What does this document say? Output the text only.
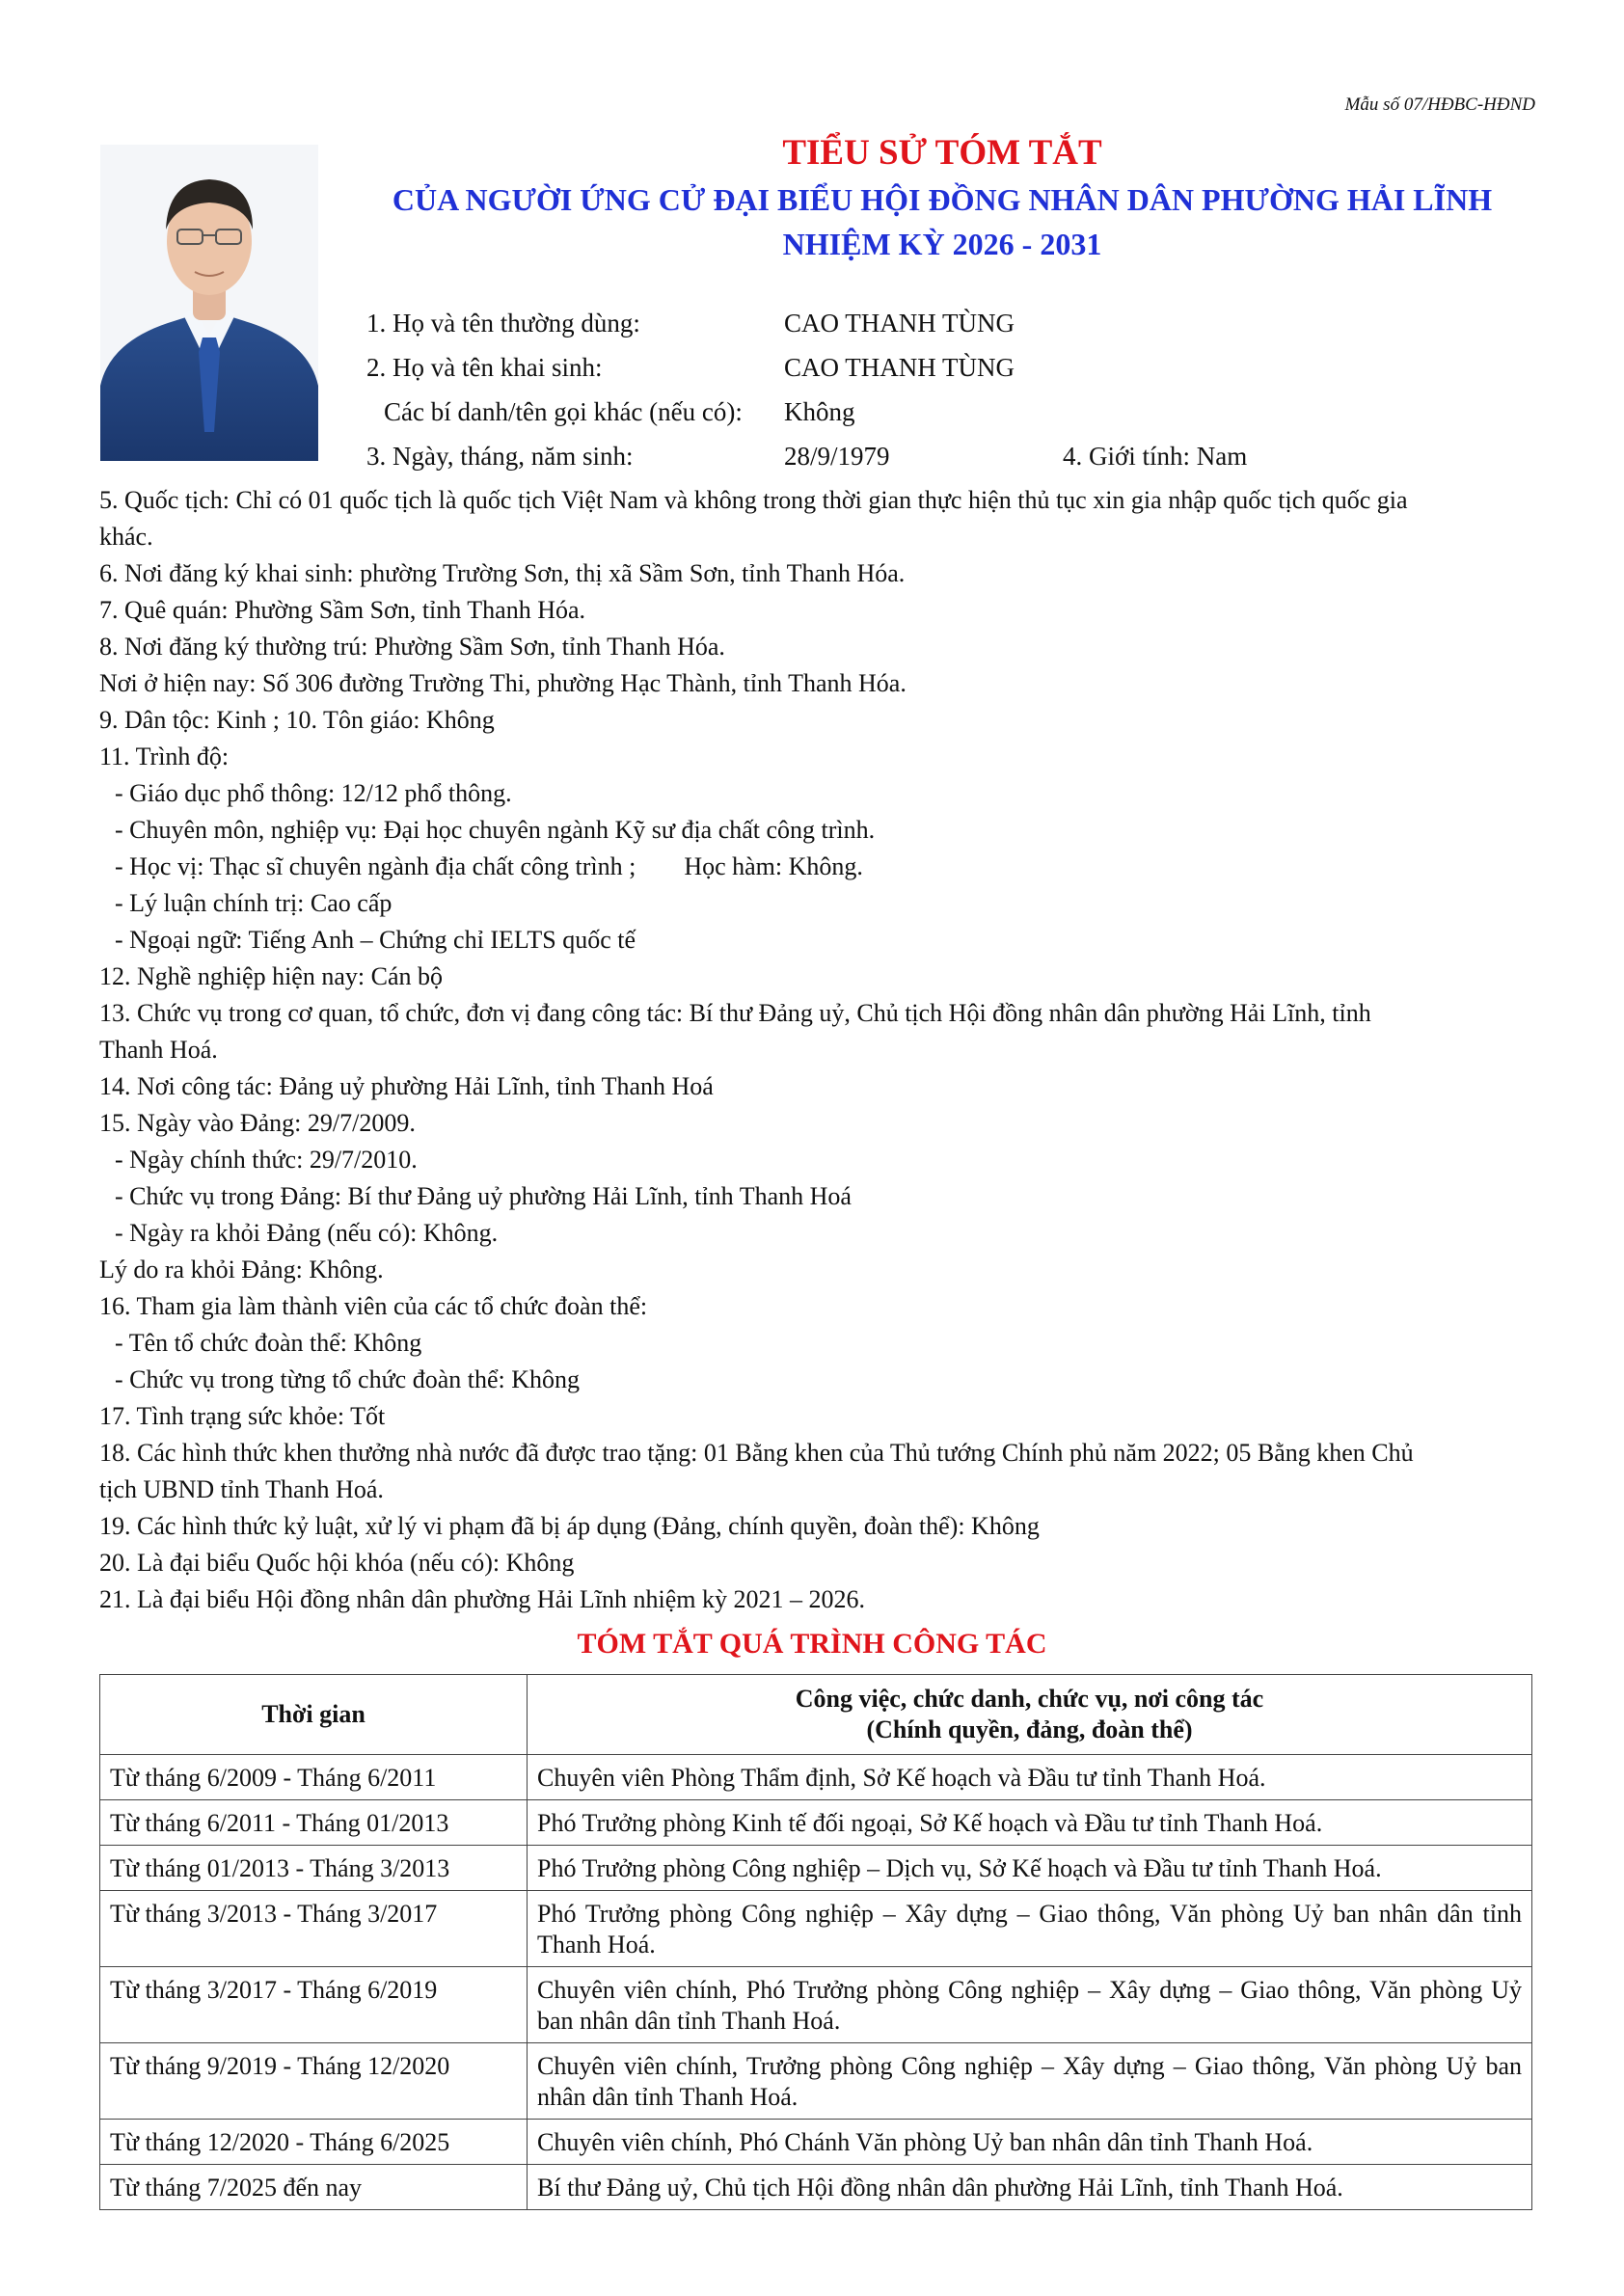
Mẫu số 07/HĐBC-HĐND
TIỂU SỬ TÓM TẮT
CỦA NGƯỜI ỨNG CỬ ĐẠI BIỂU HỘI ĐỒNG NHÂN DÂN PHƯỜNG HẢI LĨNH
NHIỆM KỲ 2026 - 2031
1. Họ và tên thường dùng:	CAO THANH TÙNG
2. Họ và tên khai sinh:	CAO THANH TÙNG
Các bí danh/tên gọi khác (nếu có): Không
3. Ngày, tháng, năm sinh:	28/9/1979	4. Giới tính: Nam
5. Quốc tịch: Chỉ có 01 quốc tịch là quốc tịch Việt Nam và không trong thời gian thực hiện thủ tục xin gia nhập quốc tịch quốc gia
khác.
6. Nơi đăng ký khai sinh: phường Trường Sơn, thị xã Sầm Sơn, tỉnh Thanh Hóa.
7. Quê quán: Phường Sầm Sơn, tỉnh Thanh Hóa.
8. Nơi đăng ký thường trú: Phường Sầm Sơn, tỉnh Thanh Hóa.
Nơi ở hiện nay: Số 306 đường Trường Thi, phường Hạc Thành, tỉnh Thanh Hóa.
9. Dân tộc: Kinh ; 10. Tôn giáo: Không
11. Trình độ:
- Giáo dục phổ thông: 12/12 phổ thông.
- Chuyên môn, nghiệp vụ: Đại học chuyên ngành Kỹ sư địa chất công trình.
- Học vị: Thạc sĩ chuyên ngành địa chất công trình ; Học hàm: Không.
- Lý luận chính trị: Cao cấp
- Ngoại ngữ: Tiếng Anh – Chứng chỉ IELTS quốc tế
12. Nghề nghiệp hiện nay: Cán bộ
13. Chức vụ trong cơ quan, tổ chức, đơn vị đang công tác: Bí thư Đảng uỷ, Chủ tịch Hội đồng nhân dân phường Hải Lĩnh, tỉnh
Thanh Hoá.
14. Nơi công tác: Đảng uỷ phường Hải Lĩnh, tỉnh Thanh Hoá
15. Ngày vào Đảng: 29/7/2009.
- Ngày chính thức: 29/7/2010.
- Chức vụ trong Đảng: Bí thư Đảng uỷ phường Hải Lĩnh, tỉnh Thanh Hoá
- Ngày ra khỏi Đảng (nếu có): Không.
Lý do ra khỏi Đảng: Không.
16. Tham gia làm thành viên của các tổ chức đoàn thể:
- Tên tổ chức đoàn thể: Không
- Chức vụ trong từng tổ chức đoàn thể: Không
17. Tình trạng sức khỏe: Tốt
18. Các hình thức khen thưởng nhà nước đã được trao tặng: 01 Bằng khen của Thủ tướng Chính phủ năm 2022; 05 Bằng khen Chủ
tịch UBND tỉnh Thanh Hoá.
19. Các hình thức kỷ luật, xử lý vi phạm đã bị áp dụng (Đảng, chính quyền, đoàn thể): Không
20. Là đại biểu Quốc hội khóa (nếu có): Không
21. Là đại biểu Hội đồng nhân dân phường Hải Lĩnh nhiệm kỳ 2021 – 2026.
TÓM TẮT QUÁ TRÌNH CÔNG TÁC
Thời gian	Công việc, chức danh, chức vụ, nơi công tác
(Chính quyền, đảng, đoàn thể)

Từ tháng 6/2009 - Tháng 6/2011	Chuyên viên Phòng Thẩm định, Sở Kế hoạch và Đầu tư tỉnh Thanh Hoá.
Từ tháng 6/2011 - Tháng 01/2013	Phó Trưởng phòng Kinh tế đối ngoại, Sở Kế hoạch và Đầu tư tỉnh Thanh Hoá.
Từ tháng 01/2013 - Tháng 3/2013	Phó Trưởng phòng Công nghiệp – Dịch vụ, Sở Kế hoạch và Đầu tư tỉnh Thanh Hoá.
Từ tháng 3/2013 - Tháng 3/2017	Phó Trưởng phòng Công nghiệp – Xây dựng – Giao thông, Văn phòng Uỷ ban nhân dân tỉnh Thanh Hoá.
Từ tháng 3/2017 - Tháng 6/2019	Chuyên viên chính, Phó Trưởng phòng Công nghiệp – Xây dựng – Giao thông, Văn phòng Uỷ ban nhân dân tỉnh Thanh Hoá.
Từ tháng 9/2019 - Tháng 12/2020	Chuyên viên chính, Trưởng phòng Công nghiệp – Xây dựng – Giao thông, Văn phòng Uỷ ban nhân dân tỉnh Thanh Hoá.
Từ tháng 12/2020 - Tháng 6/2025	Chuyên viên chính, Phó Chánh Văn phòng Uỷ ban nhân dân tỉnh Thanh Hoá.
Từ tháng 7/2025 đến nay	Bí thư Đảng uỷ, Chủ tịch Hội đồng nhân dân phường Hải Lĩnh, tỉnh Thanh Hoá.
